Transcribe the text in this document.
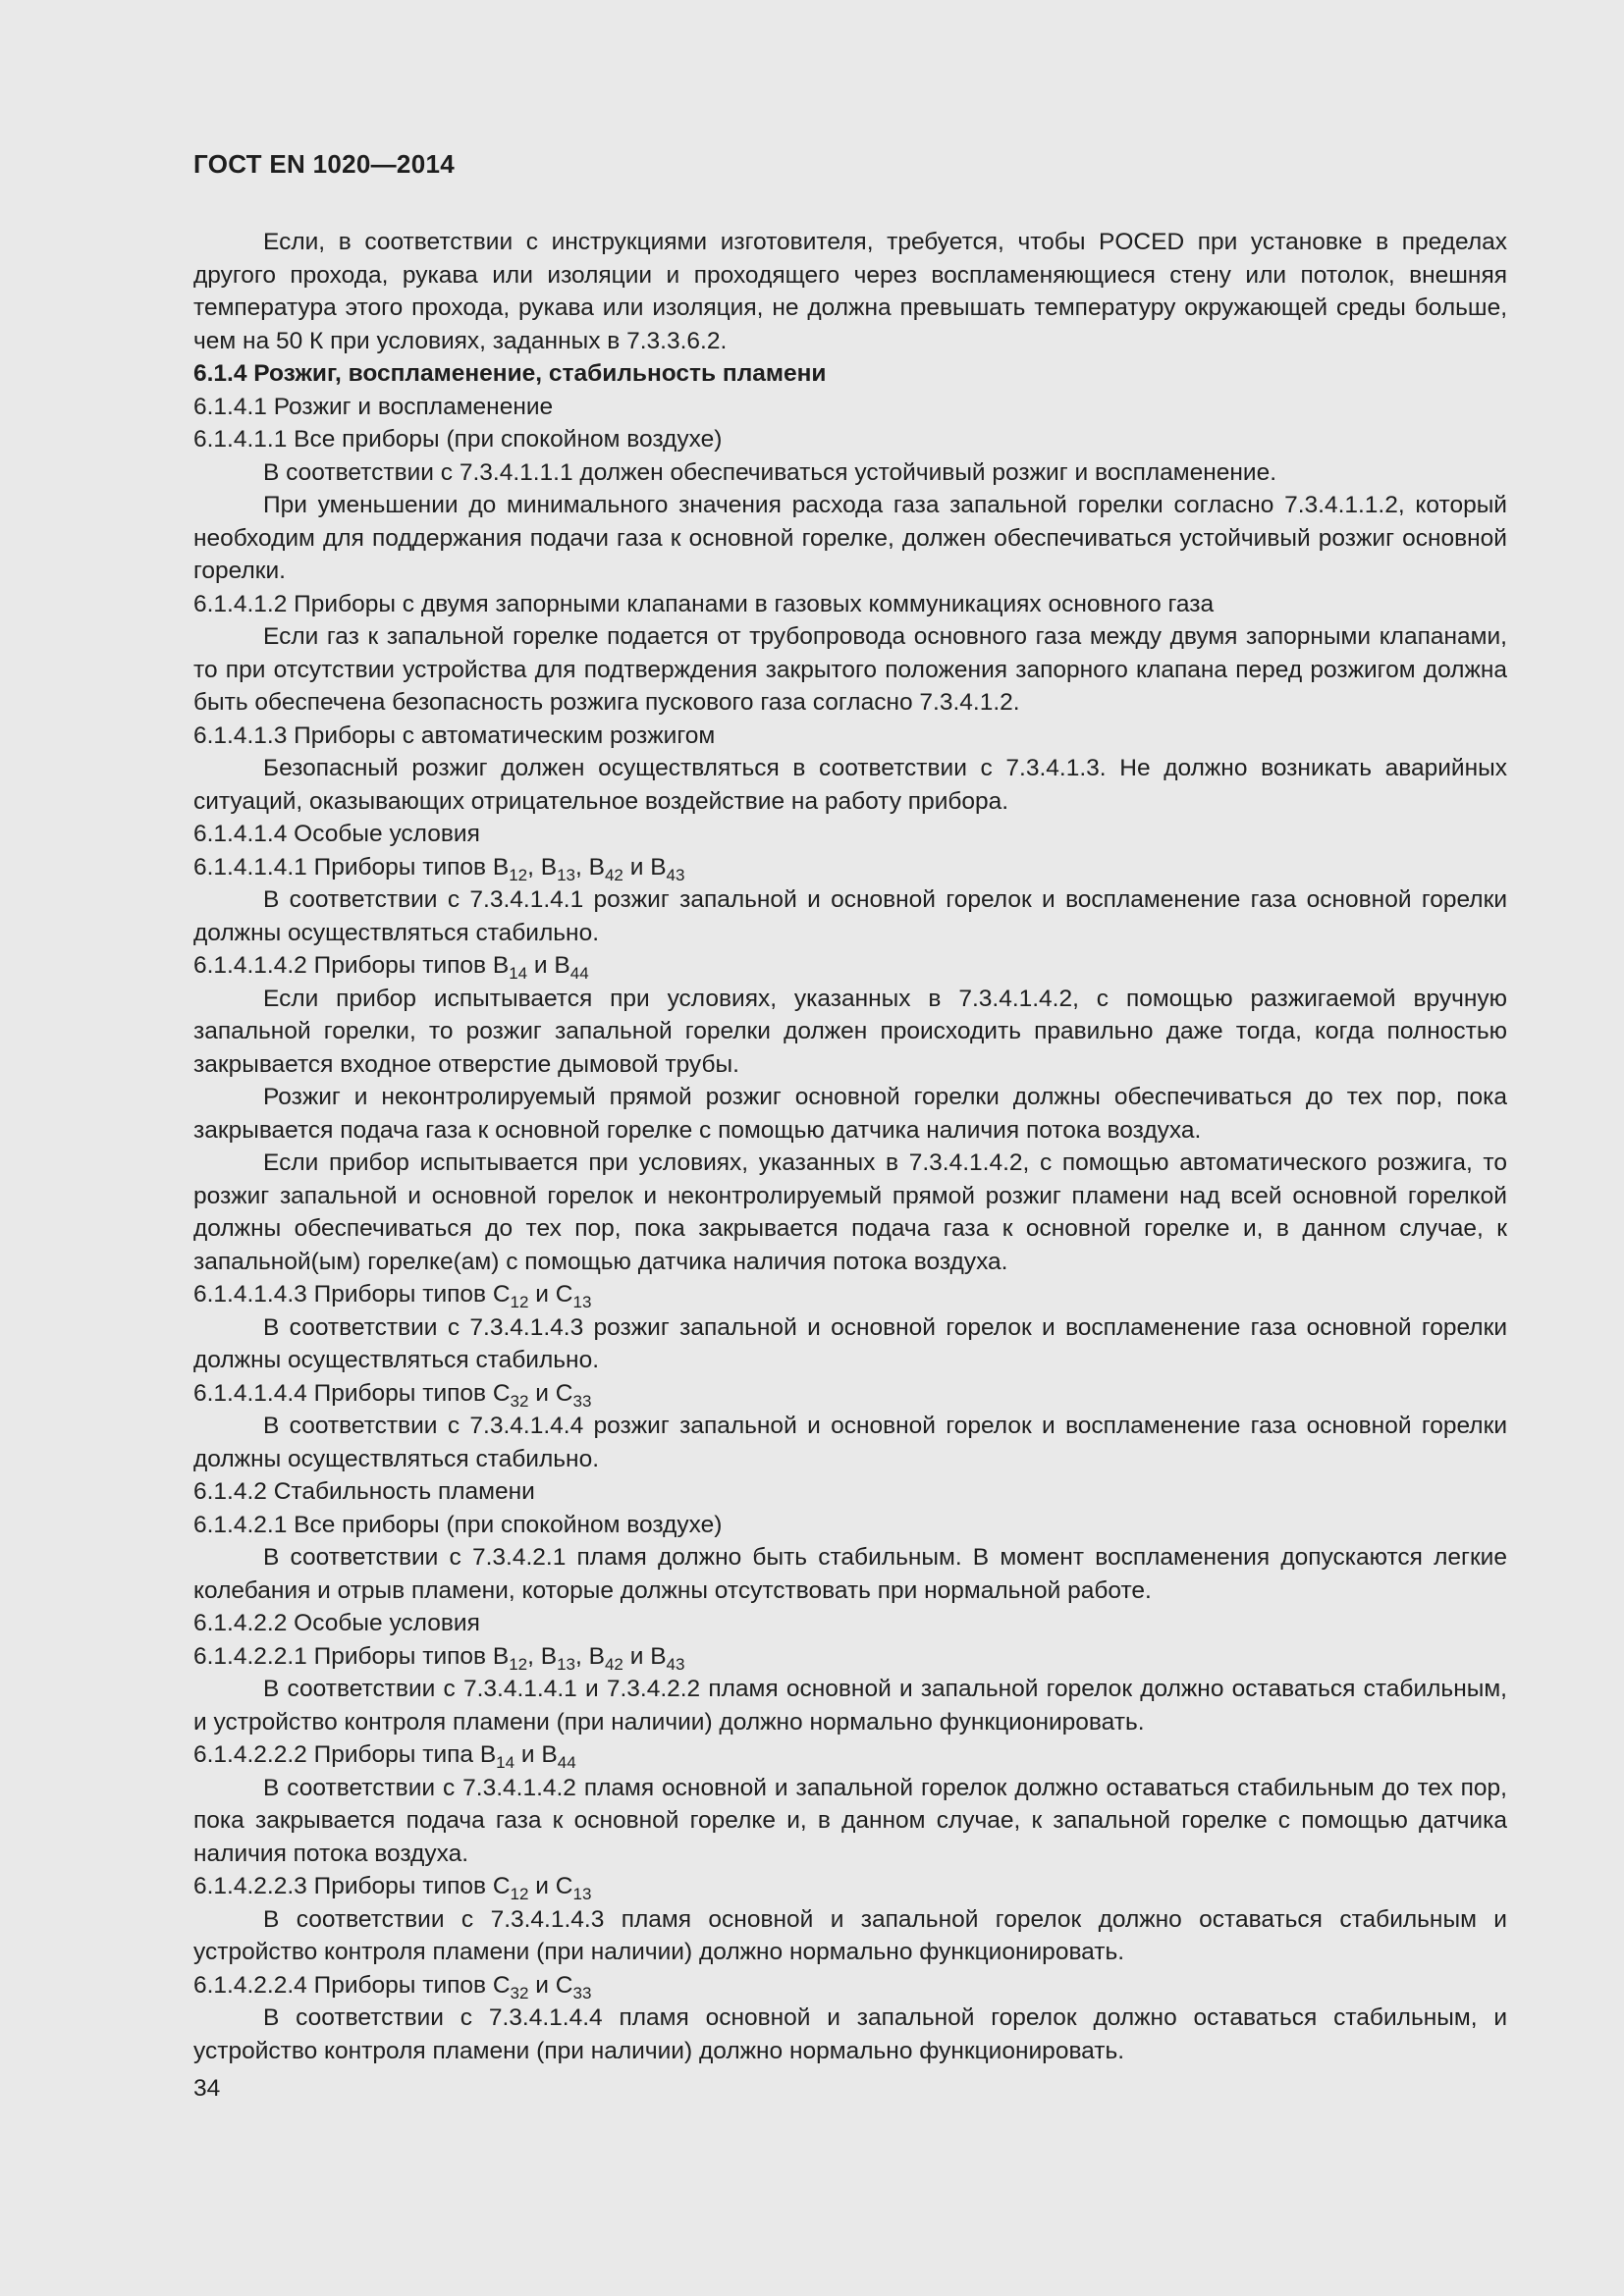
ГОСТ EN 1020—2014

Если, в соответствии с инструкциями изготовителя, требуется, чтобы POCED при установке в пределах другого прохода, рукава или изоляции и проходящего через воспламеняющиеся стену или потолок, внешняя температура этого прохода, рукава или изоляция, не должна превышать температуру окружающей среды больше, чем на 50 К при условиях, заданных в 7.3.3.6.2.

6.1.4 Розжиг, воспламенение, стабильность пламени

6.1.4.1 Розжиг и воспламенение

6.1.4.1.1 Все приборы (при спокойном воздухе)

В соответствии с 7.3.4.1.1.1 должен обеспечиваться устойчивый розжиг и воспламенение.

При уменьшении до минимального значения расхода газа запальной горелки согласно 7.3.4.1.1.2, который необходим для поддержания подачи газа к основной горелке, должен обеспечиваться устойчивый розжиг основной горелки.

6.1.4.1.2 Приборы с двумя запорными клапанами в газовых коммуникациях основного газа

Если газ к запальной горелке подается от трубопровода основного газа между двумя запорными клапанами, то при отсутствии устройства для подтверждения закрытого положения запорного клапана перед розжигом должна быть обеспечена безопасность розжига пускового газа согласно 7.3.4.1.2.

6.1.4.1.3 Приборы с автоматическим розжигом

Безопасный розжиг должен осуществляться в соответствии с 7.3.4.1.3. Не должно возникать аварийных ситуаций, оказывающих отрицательное воздействие на работу прибора.

6.1.4.1.4 Особые условия

6.1.4.1.4.1 Приборы типов $B_{12}$, $B_{13}$, $B_{42}$ и $B_{43}$

В соответствии с 7.3.4.1.4.1 розжиг запальной и основной горелок и воспламенение газа основной горелки должны осуществляться стабильно.

6.1.4.1.4.2 Приборы типов $B_{14}$ и $B_{44}$

Если прибор испытывается при условиях, указанных в 7.3.4.1.4.2, с помощью разжигаемой вручную запальной горелки, то розжиг запальной горелки должен происходить правильно даже тогда, когда полностью закрывается входное отверстие дымовой трубы.

Розжиг и неконтролируемый прямой розжиг основной горелки должны обеспечиваться до тех пор, пока закрывается подача газа к основной горелке с помощью датчика наличия потока воздуха.

Если прибор испытывается при условиях, указанных в 7.3.4.1.4.2, с помощью автоматического розжига, то розжиг запальной и основной горелок и неконтролируемый прямой розжиг пламени над всей основной горелкой должны обеспечиваться до тех пор, пока закрывается подача газа к основной горелке и, в данном случае, к запальной(ым) горелке(ам) с помощью датчика наличия потока воздуха.

6.1.4.1.4.3 Приборы типов $C_{12}$ и $C_{13}$

В соответствии с 7.3.4.1.4.3 розжиг запальной и основной горелок и воспламенение газа основной горелки должны осуществляться стабильно.

6.1.4.1.4.4 Приборы типов $C_{32}$ и $C_{33}$

В соответствии с 7.3.4.1.4.4 розжиг запальной и основной горелок и воспламенение газа основной горелки должны осуществляться стабильно.

6.1.4.2 Стабильность пламени

6.1.4.2.1 Все приборы (при спокойном воздухе)

В соответствии с 7.3.4.2.1 пламя должно быть стабильным. В момент воспламенения допускаются легкие колебания и отрыв пламени, которые должны отсутствовать при нормальной работе.

6.1.4.2.2 Особые условия

6.1.4.2.2.1 Приборы типов $B_{12}$, $B_{13}$, $B_{42}$ и $B_{43}$

В соответствии с 7.3.4.1.4.1 и 7.3.4.2.2 пламя основной и запальной горелок должно оставаться стабильным, и устройство контроля пламени (при наличии) должно нормально функционировать.

6.1.4.2.2.2 Приборы типа $B_{14}$ и $B_{44}$

В соответствии с 7.3.4.1.4.2 пламя основной и запальной горелок должно оставаться стабильным до тех пор, пока закрывается подача газа к основной горелке и, в данном случае, к запальной горелке с помощью датчика наличия потока воздуха.

6.1.4.2.2.3 Приборы типов $C_{12}$ и $C_{13}$

В соответствии с 7.3.4.1.4.3 пламя основной и запальной горелок должно оставаться стабильным и устройство контроля пламени (при наличии) должно нормально функционировать.

6.1.4.2.2.4 Приборы типов $C_{32}$ и $C_{33}$

В соответствии с 7.3.4.1.4.4 пламя основной и запальной горелок должно оставаться стабильным, и устройство контроля пламени (при наличии) должно нормально функционировать.

34
